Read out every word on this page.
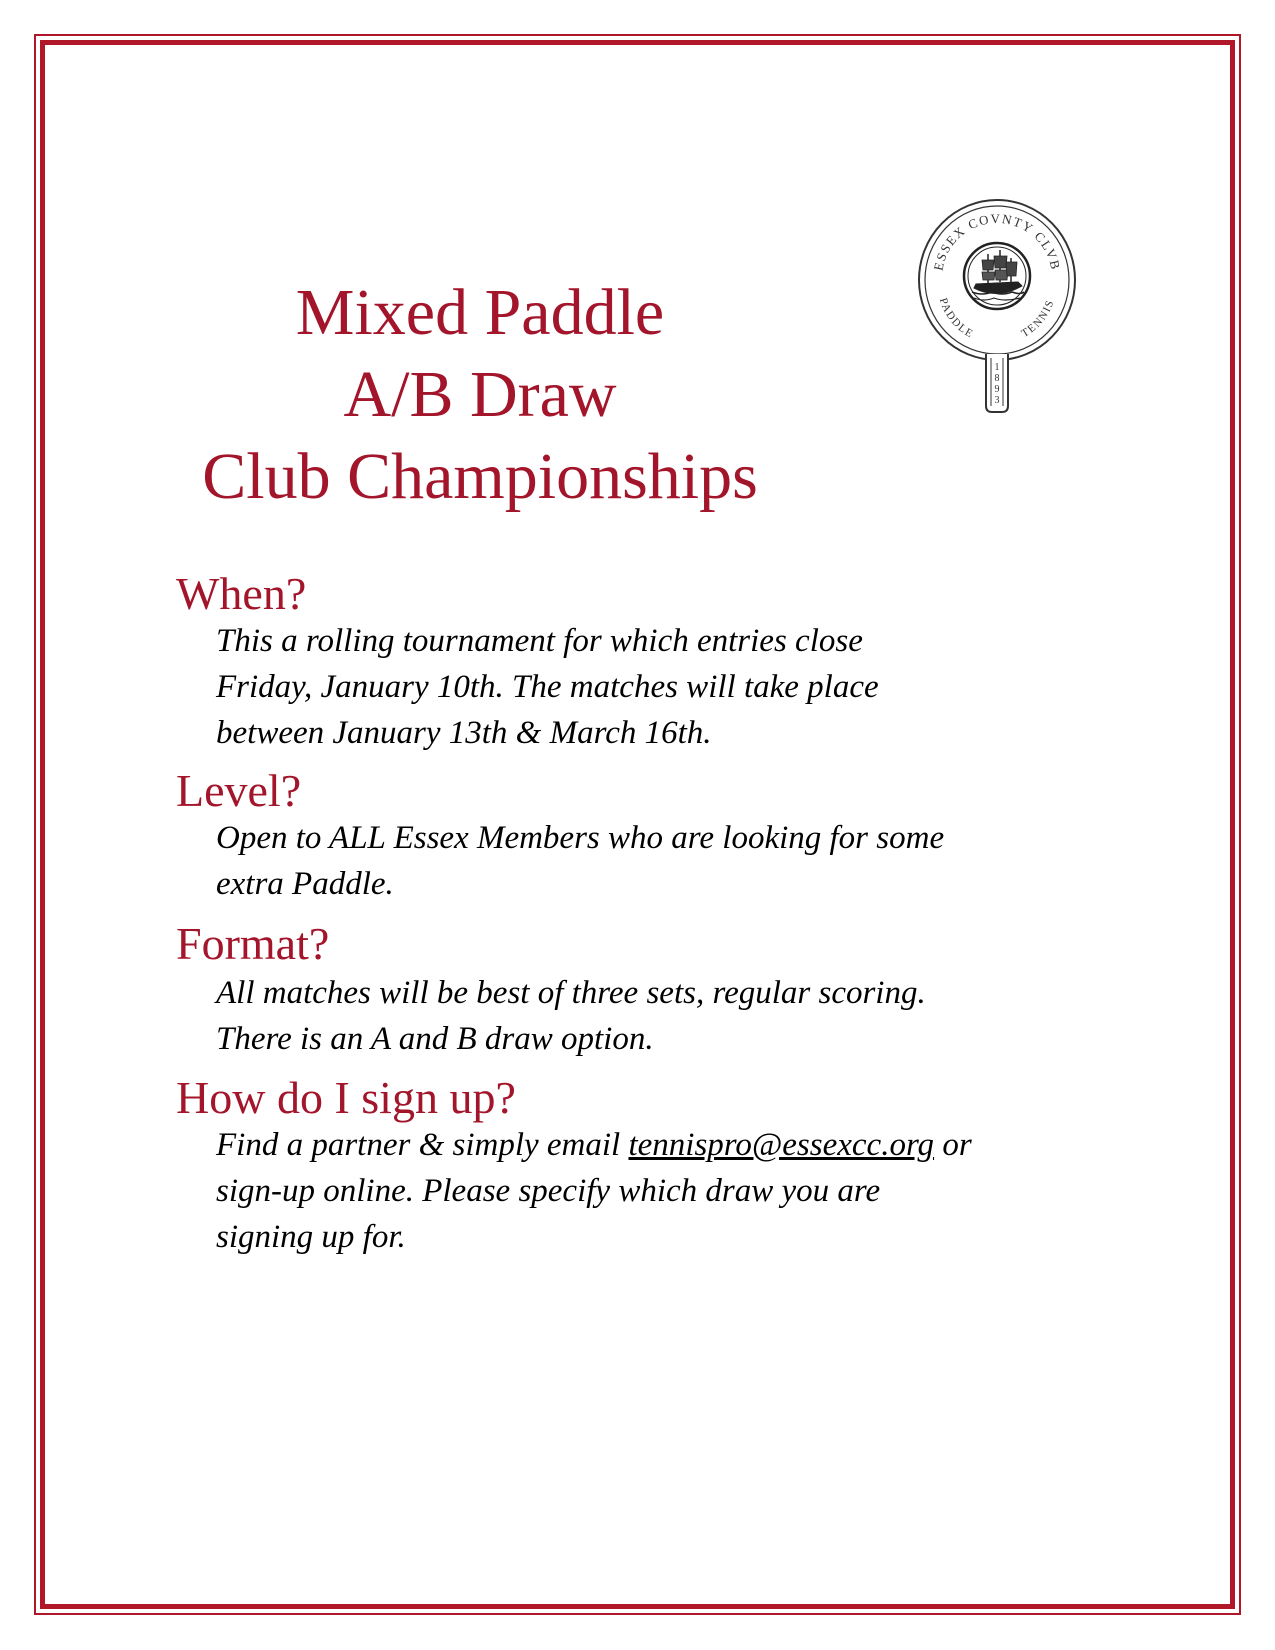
Mixed Paddle
A/B Draw
Club Championships
ESSEX COVNTY CLVB
PADDLE	TENNIS
1 8 9 3
When?
This a rolling tournament for which entries close
Friday, January 10th. The matches will take place
between January 13th & March 16th.
Level?
Open to ALL Essex Members who are looking for some
extra Paddle.
Format?
All matches will be best of three sets, regular scoring.
There is an A and B draw option.
How do I sign up?
Find a partner & simply email tennispro@essexcc.org or
sign-up online. Please specify which draw you are
signing up for.
